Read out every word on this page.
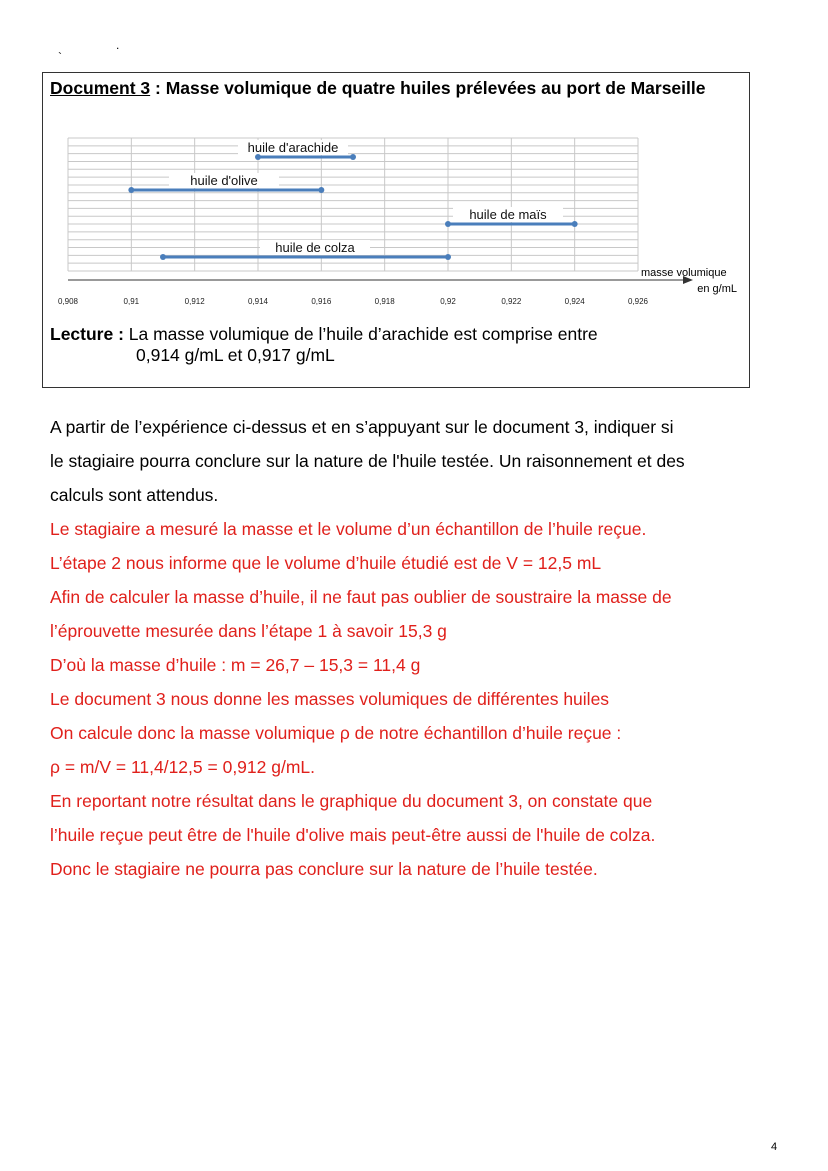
`
.
Document 3 : Masse volumique de quatre huiles prélevées au port de Marseille
huile d'arachide
huile d'olive
huile de maïs
huile de colza
0,908	0,91	0,912	0,914	0,916	0,918	0,92	0,922	0,924	0,926
masse volumique
en g/mL
Lecture : La masse volumique de l’huile d’arachide est comprise entre
0,914 g/mL et 0,917 g/mL

A partir de l’expérience ci-dessus et en s’appuyant sur le document 3, indiquer si

le stagiaire pourra conclure sur la nature de l'huile testée. Un raisonnement et des

calculs sont attendus.

Le stagiaire a mesuré la masse et le volume d’un échantillon de l’huile reçue.

L’étape 2 nous informe que le volume d’huile étudié est de V = 12,5 mL

Afin de calculer la masse d’huile, il ne faut pas oublier de soustraire la masse de

l’éprouvette mesurée dans l’étape 1 à savoir 15,3 g

D’où la masse d’huile : m = 26,7 – 15,3 = 11,4 g

Le document 3 nous donne les masses volumiques de différentes huiles

On calcule donc la masse volumique ρ de notre échantillon d’huile reçue :

ρ = m/V = 11,4/12,5 = 0,912 g/mL.

En reportant notre résultat dans le graphique du document 3, on constate que

l’huile reçue peut être de l'huile d'olive mais peut-être aussi de l'huile de colza.

Donc le stagiaire ne pourra pas conclure sur la nature de l’huile testée.

4
